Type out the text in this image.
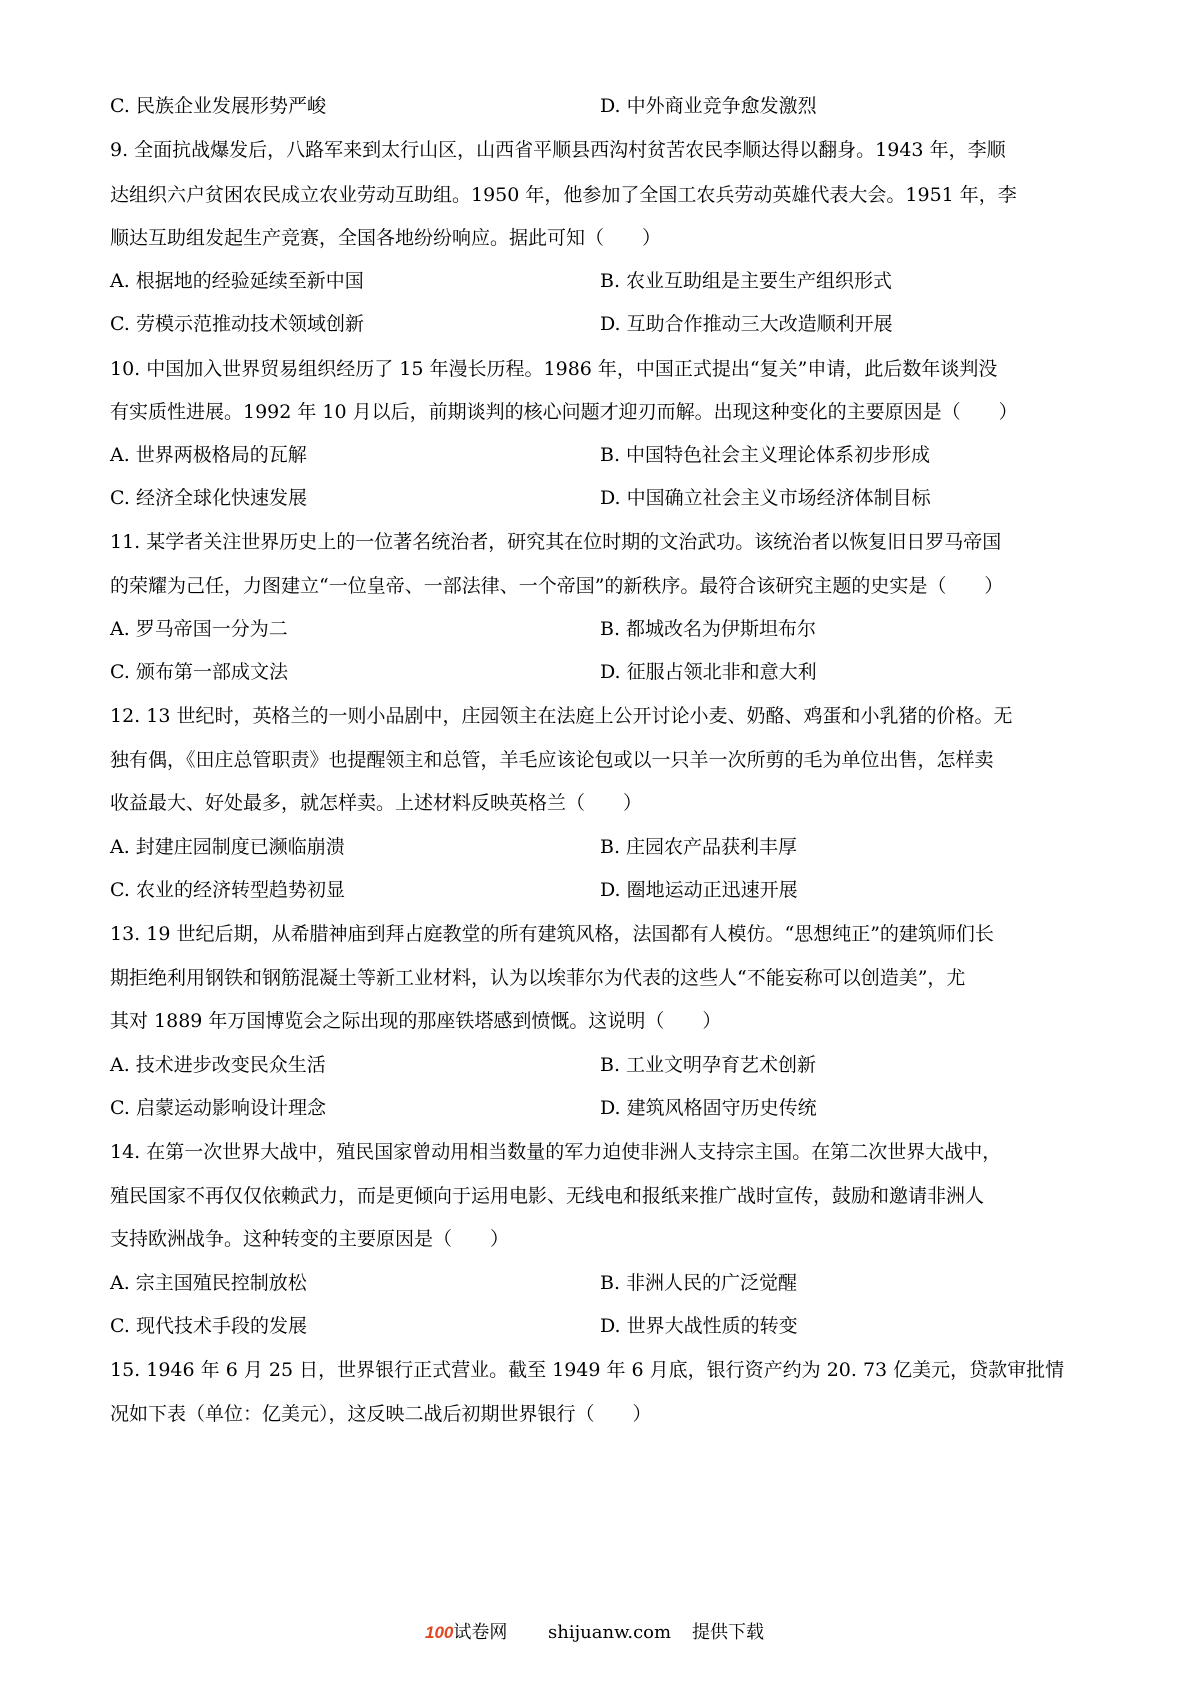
C. 民族企业发展形势严峻	D. 中外商业竞争愈发激烈
9. 全面抗战爆发后，八路军来到太行山区，山西省平顺县西沟村贫苦农民李顺达得以翻身。1943 年，李顺
达组织六户贫困农民成立农业劳动互助组。1950 年，他参加了全国工农兵劳动英雄代表大会。1951 年，李
顺达互助组发起生产竞赛，全国各地纷纷响应。据此可知（　　）
A. 根据地的经验延续至新中国	B. 农业互助组是主要生产组织形式
C. 劳模示范推动技术领域创新	D. 互助合作推动三大改造顺利开展
10. 中国加入世界贸易组织经历了 15 年漫长历程。1986 年，中国正式提出“复关”申请，此后数年谈判没
有实质性进展。1992 年 10 月以后，前期谈判的核心问题才迎刃而解。出现这种变化的主要原因是（　　）
A. 世界两极格局的瓦解	B. 中国特色社会主义理论体系初步形成
C. 经济全球化快速发展	D. 中国确立社会主义市场经济体制目标
11. 某学者关注世界历史上的一位著名统治者，研究其在位时期的文治武功。该统治者以恢复旧日罗马帝国
的荣耀为己任，力图建立“一位皇帝、一部法律、一个帝国”的新秩序。最符合该研究主题的史实是（　　）
A. 罗马帝国一分为二	B. 都城改名为伊斯坦布尔
C. 颁布第一部成文法	D. 征服占领北非和意大利
12. 13 世纪时，英格兰的一则小品剧中，庄园领主在法庭上公开讨论小麦、奶酪、鸡蛋和小乳猪的价格。无
独有偶，《田庄总管职责》也提醒领主和总管，羊毛应该论包或以一只羊一次所剪的毛为单位出售，怎样卖
收益最大、好处最多，就怎样卖。上述材料反映英格兰（　　）
A. 封建庄园制度已濒临崩溃	B. 庄园农产品获利丰厚
C. 农业的经济转型趋势初显	D. 圈地运动正迅速开展
13. 19 世纪后期，从希腊神庙到拜占庭教堂的所有建筑风格，法国都有人模仿。“思想纯正”的建筑师们长
期拒绝利用钢铁和钢筋混凝土等新工业材料，认为以埃菲尔为代表的这些人“不能妄称可以创造美”，尤
其对 1889 年万国博览会之际出现的那座铁塔感到愤慨。这说明（　　）
A. 技术进步改变民众生活	B. 工业文明孕育艺术创新
C. 启蒙运动影响设计理念	D. 建筑风格固守历史传统
14. 在第一次世界大战中，殖民国家曾动用相当数量的军力迫使非洲人支持宗主国。在第二次世界大战中，
殖民国家不再仅仅依赖武力，而是更倾向于运用电影、无线电和报纸来推广战时宣传，鼓励和邀请非洲人
支持欧洲战争。这种转变的主要原因是（　　）
A. 宗主国殖民控制放松	B. 非洲人民的广泛觉醒
C. 现代技术手段的发展	D. 世界大战性质的转变
15. 1946 年 6 月 25 日，世界银行正式营业。截至 1949 年 6 月底，银行资产约为 20. 73 亿美元，贷款审批情
况如下表（单位：亿美元），这反映二战后初期世界银行（　　）
100试卷网 shijuanw.com 提供下载
